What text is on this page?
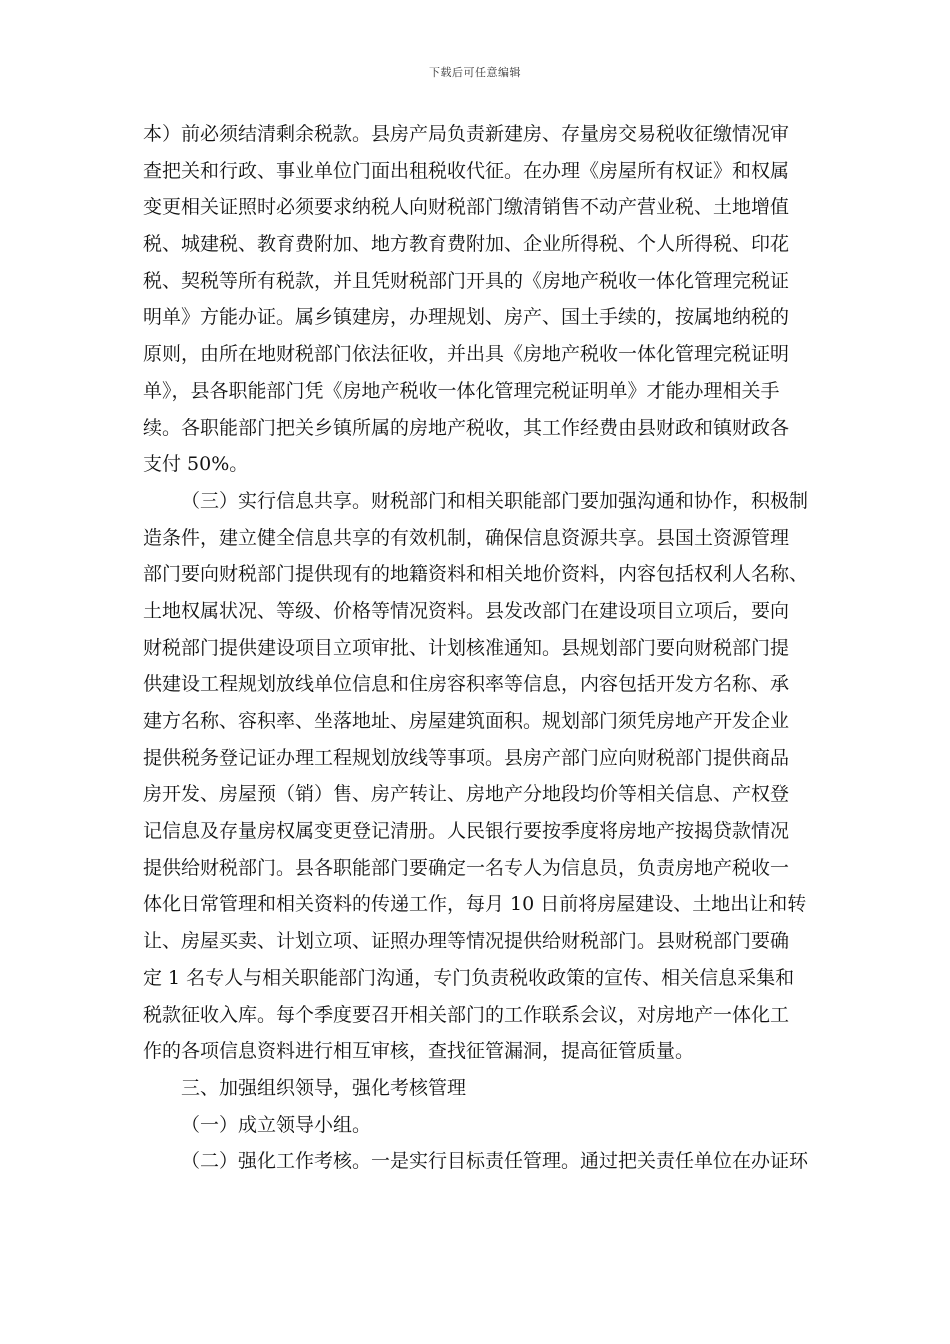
下载后可任意编辑
本）前必须结清剩余税款。县房产局负责新建房、存量房交易税收征缴情况审
查把关和行政、事业单位门面出租税收代征。在办理《房屋所有权证》和权属
变更相关证照时必须要求纳税人向财税部门缴清销售不动产营业税、土地增值
税、城建税、教育费附加、地方教育费附加、企业所得税、个人所得税、印花
税、契税等所有税款，并且凭财税部门开具的《房地产税收一体化管理完税证
明单》方能办证。属乡镇建房，办理规划、房产、国土手续的，按属地纳税的
原则，由所在地财税部门依法征收，并出具《房地产税收一体化管理完税证明
单》，县各职能部门凭《房地产税收一体化管理完税证明单》才能办理相关手
续。各职能部门把关乡镇所属的房地产税收，其工作经费由县财政和镇财政各
支付 50%。
（三）实行信息共享。财税部门和相关职能部门要加强沟通和协作，积极制
造条件，建立健全信息共享的有效机制，确保信息资源共享。县国土资源管理
部门要向财税部门提供现有的地籍资料和相关地价资料，内容包括权利人名称、
土地权属状况、等级、价格等情况资料。县发改部门在建设项目立项后，要向
财税部门提供建设项目立项审批、计划核准通知。县规划部门要向财税部门提
供建设工程规划放线单位信息和住房容积率等信息，内容包括开发方名称、承
建方名称、容积率、坐落地址、房屋建筑面积。规划部门须凭房地产开发企业
提供税务登记证办理工程规划放线等事项。县房产部门应向财税部门提供商品
房开发、房屋预（销）售、房产转让、房地产分地段均价等相关信息、产权登
记信息及存量房权属变更登记清册。人民银行要按季度将房地产按揭贷款情况
提供给财税部门。县各职能部门要确定一名专人为信息员，负责房地产税收一
体化日常管理和相关资料的传递工作，每月 10 日前将房屋建设、土地出让和转
让、房屋买卖、计划立项、证照办理等情况提供给财税部门。县财税部门要确
定 1 名专人与相关职能部门沟通，专门负责税收政策的宣传、相关信息采集和
税款征收入库。每个季度要召开相关部门的工作联系会议，对房地产一体化工
作的各项信息资料进行相互审核，查找征管漏洞，提高征管质量。
三、加强组织领导，强化考核管理
（一）成立领导小组。
（二）强化工作考核。一是实行目标责任管理。通过把关责任单位在办证环
